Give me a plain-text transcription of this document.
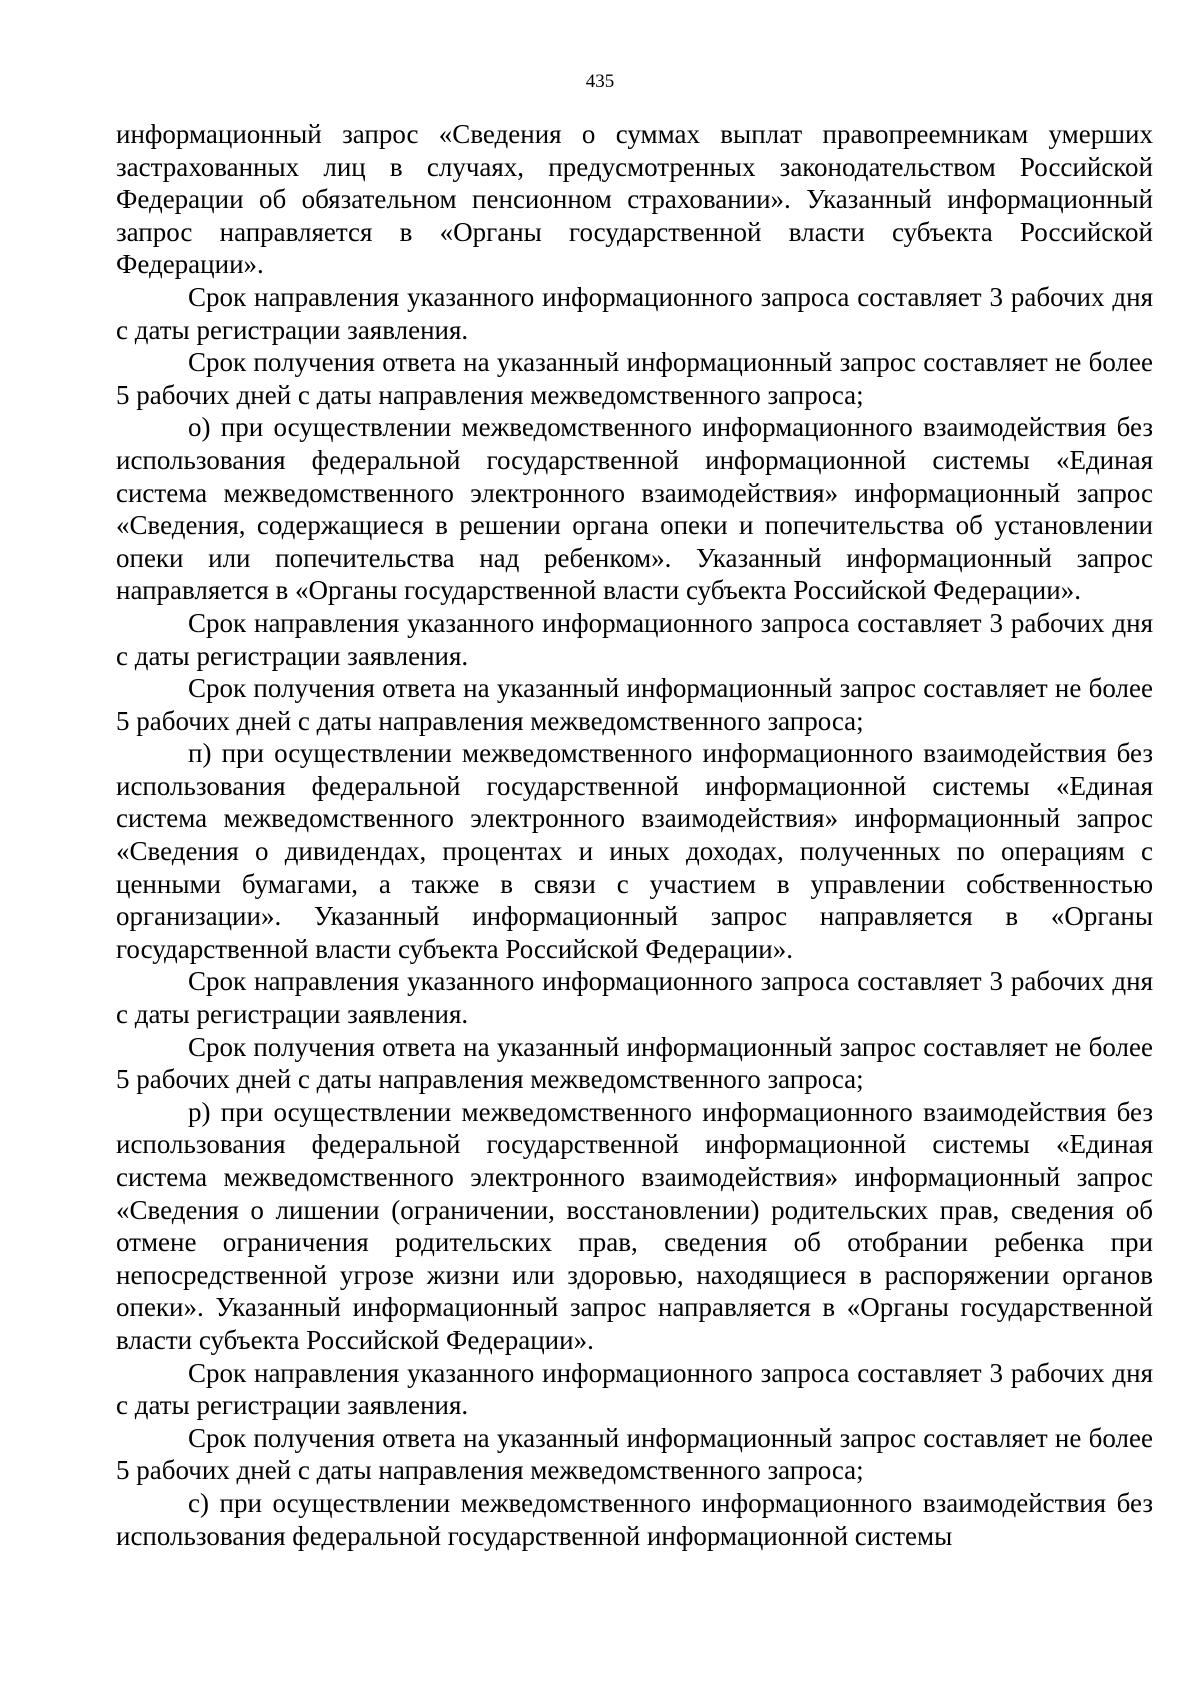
435

информационный запрос «Сведения о суммах выплат правопреемникам умерших застрахованных лиц в случаях, предусмотренных законодательством Российской Федерации об обязательном пенсионном страховании». Указанный информационный запрос направляется в «Органы государственной власти субъекта Российской Федерации».

Срок направления указанного информационного запроса составляет 3 рабочих дня с даты регистрации заявления.

Срок получения ответа на указанный информационный запрос составляет не более 5 рабочих дней с даты направления межведомственного запроса;

о) при осуществлении межведомственного информационного взаимодействия без использования федеральной государственной информационной системы «Единая система межведомственного электронного взаимодействия» информационный запрос «Сведения, содержащиеся в решении органа опеки и попечительства об установлении опеки или попечительства над ребенком». Указанный информационный запрос направляется в «Органы государственной власти субъекта Российской Федерации».

Срок направления указанного информационного запроса составляет 3 рабочих дня с даты регистрации заявления.

Срок получения ответа на указанный информационный запрос составляет не более 5 рабочих дней с даты направления межведомственного запроса;

п) при осуществлении межведомственного информационного взаимодействия без использования федеральной государственной информационной системы «Единая система межведомственного электронного взаимодействия» информационный запрос «Сведения о дивидендах, процентах и иных доходах, полученных по операциям с ценными бумагами, а также в связи с участием в управлении собственностью организации». Указанный информационный запрос направляется в «Органы государственной власти субъекта Российской Федерации».

Срок направления указанного информационного запроса составляет 3 рабочих дня с даты регистрации заявления.

Срок получения ответа на указанный информационный запрос составляет не более 5 рабочих дней с даты направления межведомственного запроса;

р) при осуществлении межведомственного информационного взаимодействия без использования федеральной государственной информационной системы «Единая система межведомственного электронного взаимодействия» информационный запрос «Сведения о лишении (ограничении, восстановлении) родительских прав, сведения об отмене ограничения родительских прав, сведения об отобрании ребенка при непосредственной угрозе жизни или здоровью, находящиеся в распоряжении органов опеки». Указанный информационный запрос направляется в «Органы государственной власти субъекта Российской Федерации».

Срок направления указанного информационного запроса составляет 3 рабочих дня с даты регистрации заявления.

Срок получения ответа на указанный информационный запрос составляет не более 5 рабочих дней с даты направления межведомственного запроса;

с) при осуществлении межведомственного информационного взаимодействия без использования федеральной государственной информационной системы
